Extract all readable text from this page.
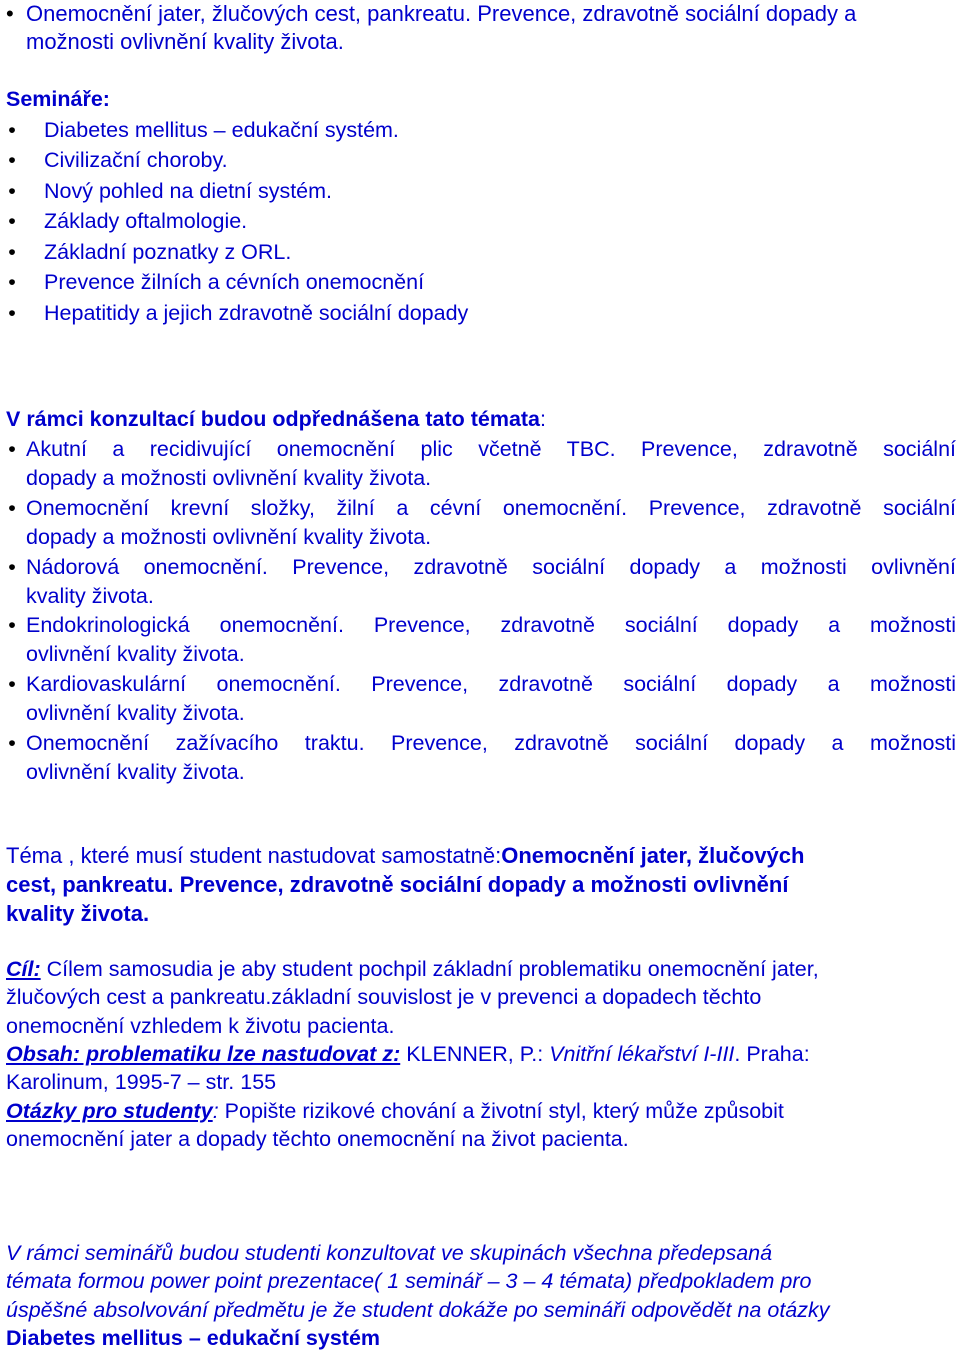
• Onemocnění jater, žlučových cest, pankreatu. Prevence, zdravotně sociální dopady a
možnosti ovlivnění kvality života.
Semináře:
• Diabetes mellitus – edukační systém.
• Civilizační choroby.
• Nový pohled na dietní systém.
• Základy oftalmologie.
• Základní poznatky z ORL.
• Prevence žilních a cévních onemocnění
• Hepatitidy a jejich zdravotně sociální dopady
V rámci konzultací budou odpřednášena tato témata:
• Akutní a recidivující onemocnění plic včetně TBC. Prevence, zdravotně sociální
dopady a možnosti ovlivnění kvality života.
• Onemocnění krevní složky, žilní a cévní onemocnění. Prevence, zdravotně sociální
dopady a možnosti ovlivnění kvality života.
• Nádorová onemocnění. Prevence, zdravotně sociální dopady a možnosti ovlivnění
kvality života.
• Endokrinologická onemocnění. Prevence, zdravotně sociální dopady a možnosti
ovlivnění kvality života.
• Kardiovaskulární onemocnění. Prevence, zdravotně sociální dopady a možnosti
ovlivnění kvality života.
• Onemocnění zažívacího traktu. Prevence, zdravotně sociální dopady a možnosti
ovlivnění kvality života.
Téma , které musí student nastudovat samostatně:Onemocnění jater, žlučových
cest, pankreatu. Prevence, zdravotně sociální dopady a možnosti ovlivnění
kvality života.
Cíl: Cílem samosudia je aby student pochpil základní problematiku onemocnění jater,
žlučových cest a pankreatu.základní souvislost je v prevenci a dopadech těchto
onemocnění vzhledem k životu pacienta.
Obsah: problematiku lze nastudovat z: KLENNER, P.: Vnitřní lékařství I-III. Praha:
Karolinum, 1995-7 – str. 155
Otázky pro studenty: Popište rizikové chování a životní styl, který může způsobit
onemocnění jater a dopady těchto onemocnění na život pacienta.
V rámci seminářů budou studenti konzultovat ve skupinách všechna předepsaná
témata formou power point prezentace( 1 seminář – 3 – 4 témata) předpokladem pro
úspěšné absolvování předmětu je že student dokáže po semináři odpovědět na otázky
Diabetes mellitus – edukační systém
